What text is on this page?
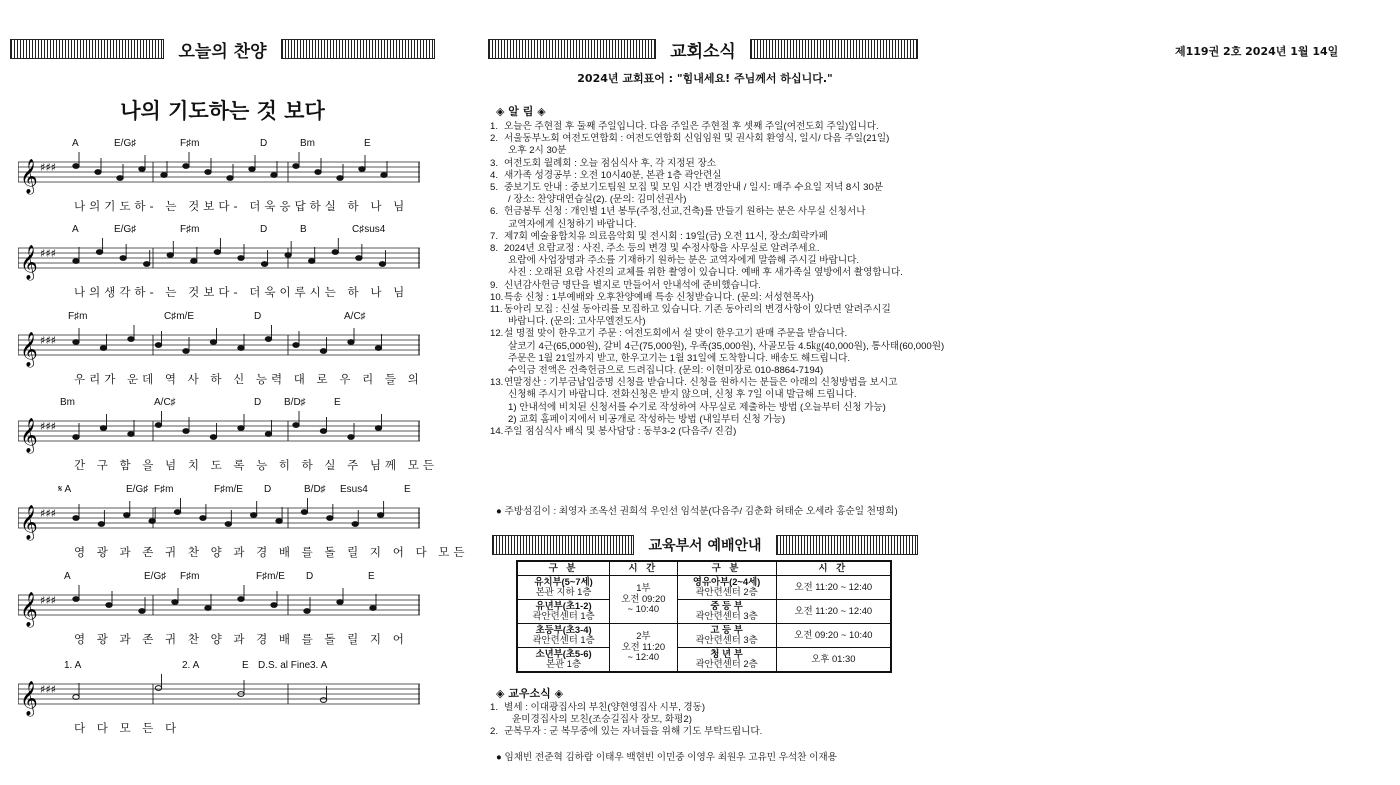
오늘의 찬양
나의 기도하는 것 보다
A	E/G♯	F♯m	D	Bm	E
𝄞 ♯♯♯
나의기도하- 는 것보다- 더욱응답하실 하 나 님
A	E/G♯	F♯m	D	B	C♯sus4
𝄞 ♯♯♯
나의생각하- 는 것보다- 더욱이루시는 하 나 님
F♯m	C♯m/E	D	A/C♯
𝄞 ♯♯♯
우리가 운데 역 사 하 신 능력 대 로 우 리 들 의
Bm	A/C♯	D B/D♯	E
𝄞 ♯♯♯
간 구 함 을 넘 치 도 록 능 히 하 실 주 님께 모든
𝄋 A	E/G♯ F♯m	F♯m/E D	B/D♯ Esus4	E
𝄞 ♯♯♯
영 광 과 존 귀 찬 양 과 경 배 를 돌 릴 지 어 다 모든
A	E/G♯ F♯m	F♯m/E D	E
𝄞 ♯♯♯
영 광 과 존 귀 찬 양 과 경 배 를 돌 릴 지 어
1. A	2. A	E D.S. al Fine 3. A
𝄞 ♯♯♯
다 다 모 든 다
교회소식
2024년 교회표어 : "힘내세요! 주님께서 하십니다."
◈ 알 림 ◈
1. 오늘은 주현절 후 둘째 주일입니다. 다음 주일은 주현절 후 셋째 주일(여전도회 주일)입니다.
2. 서울동부노회 여전도연합회 : 여전도연합회 신임임원 및 권사회 환영식, 일시/ 다음 주일(21일)
오후 2시 30분
3. 여전도회 월례회 : 오늘 점심식사 후, 각 지정된 장소
4. 새가족 성경공부 : 오전 10시40분, 본관 1층 곽안련실
5. 중보기도 안내 : 중보기도팀원 모집 및 모임 시간 변경안내 / 일시: 매주 수요일 저녁 8시 30분
/ 장소: 찬양대연습실(2). (문의: 김미선권사)
6. 헌금봉투 신청 : 개인별 1년 봉투(주정,선교,건축)를 만들기 원하는 분은 사무실 신청서나
교역자에게 신청하기 바랍니다.
7. 제7회 예술융합치유 의료음악회 및 전시회 : 19일(금) 오전 11시, 장소/희락카페
8. 2024년 요람교정 : 사진, 주소 등의 변경 및 수정사항을 사무실로 알려주세요.
요람에 사업장명과 주소를 기재하기 원하는 분은 교역자에게 말씀해 주시길 바랍니다.
사진 : 오래된 요람 사진의 교체를 위한 촬영이 있습니다. 예배 후 새가족실 옆방에서 촬영합니다.
9. 신년감사헌금 명단을 별지로 만들어서 안내석에 준비했습니다.
10. 특송 신청 : 1부예배와 오후찬양예배 특송 신청받습니다. (문의: 서성현목사)
11. 동아리 모집 : 신설 동아리를 모집하고 있습니다. 기존 동아리의 변경사항이 있다면 알려주시길
바랍니다. (문의: 고사무엘전도사)
12. 설 명절 맞이 한우고기 주문 : 여전도회에서 설 맞이 한우고기 판매 주문을 받습니다.
살코기 4근(65,000원), 갈비 4근(75,000원), 우족(35,000원), 사골모듬 4.5㎏(40,000원), 통사태(60,000원)
주문은 1월 21일까지 받고, 한우고기는 1월 31일에 도착합니다. 배송도 해드립니다.
수익금 전액은 건축헌금으로 드려집니다. (문의: 이현미장로 010-8864-7194)
13. 연말정산 : 기부금납입증명 신청을 받습니다. 신청을 원하시는 분들은 아래의 신청방법을 보시고
신청해 주시기 바랍니다. 전화신청은 받지 않으며, 신청 후 7일 이내 발급해 드립니다.
1) 안내석에 비치된 신청서를 수기로 작성하여 사무실로 제출하는 방법 (오늘부터 신청 가능)
2) 교회 홈페이지에서 비공개로 작성하는 방법 (내일부터 신청 가능)
14. 주일 점심식사 배식 및 봉사담당 : 동부3-2 (다음주/ 진검)
● 주방섬김이 : 최영자 조옥선 권희석 우인선 임석분(다음주/ 김춘화 허태순 오세라 홍순일 천명희)
교육부서 예배안내
구 분	시 간	구 분	시 간

유치부(5~7세)
본관 지하 1층	1부
오전 09:20
~ 10:40	영유아부(2~4세)
곽안련센터 2층	오전 11:20 ~ 12:40

유년부(초1-2)
곽안련센터 1층		중 등 부
곽안련센터 3층	오전 11:20 ~ 12:40

초등부(초3-4)
곽안련센터 1층	2부
오전 11:20
~ 12:40	고 등 부
곽안련센터 3층	오전 09:20 ~ 10:40

소년부(초5-6)
본관 1층		청 년 부
곽안련센터 2층	오후 01:30
◈ 교우소식 ◈
1. 별세 : 이대광집사의 부친(양현영집사 시부, 경동)
윤미경집사의 모친(조승길집사 장모, 화평2)
2. 군복무자 : 군 복무중에 있는 자녀들을 위해 기도 부탁드립니다.
● 임채빈 전준혁 김하람 이태우 백현빈 이민중 이영우 최원우 고유민 우석찬 이재용
제119권 2호 2024년 1월 14일
